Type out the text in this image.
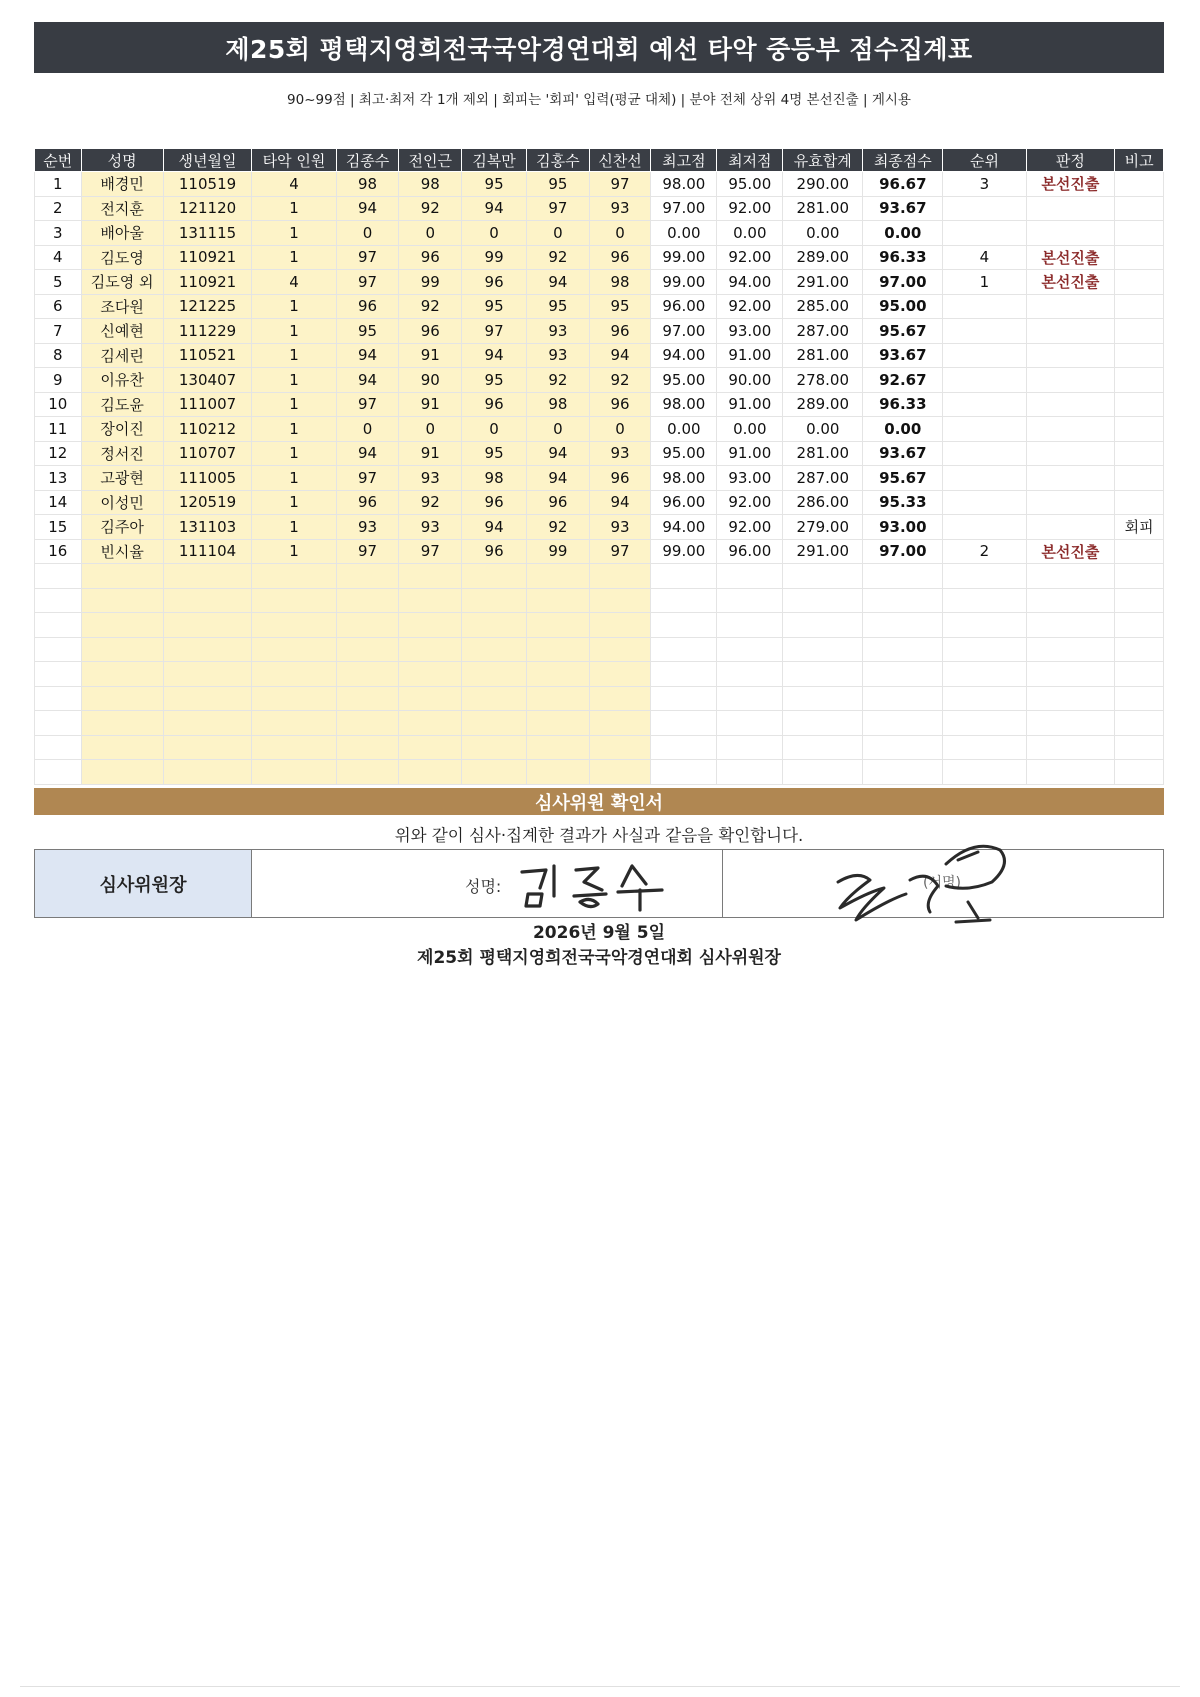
제25회 평택지영희전국국악경연대회 예선 타악 중등부 점수집계표
90~99점 | 최고·최저 각 1개 제외 | 회피는 '회피' 입력(평균 대체) | 분야 전체 상위 4명 본선진출 | 게시용
순번	성명	생년월일	타악 인원	김종수	전인근	김복만	김홍수	신찬선	최고점	최저점	유효합계	최종점수	순위	판정	비고
1	배경민	110519	4	98	98	95	95	97	98.00	95.00	290.00	96.67	3	본선진출	
2	전지훈	121120	1	94	92	94	97	93	97.00	92.00	281.00	93.67			
3	배아울	131115	1	0	0	0	0	0	0.00	0.00	0.00	0.00			
4	김도영	110921	1	97	96	99	92	96	99.00	92.00	289.00	96.33	4	본선진출	
5	김도영 외	110921	4	97	99	96	94	98	99.00	94.00	291.00	97.00	1	본선진출	
6	조다원	121225	1	96	92	95	95	95	96.00	92.00	285.00	95.00			
7	신예현	111229	1	95	96	97	93	96	97.00	93.00	287.00	95.67			
8	김세린	110521	1	94	91	94	93	94	94.00	91.00	281.00	93.67			
9	이유찬	130407	1	94	90	95	92	92	95.00	90.00	278.00	92.67			
10	김도윤	111007	1	97	91	96	98	96	98.00	91.00	289.00	96.33			
11	장이진	110212	1	0	0	0	0	0	0.00	0.00	0.00	0.00			
12	정서진	110707	1	94	91	95	94	93	95.00	91.00	281.00	93.67			
13	고광현	111005	1	97	93	98	94	96	98.00	93.00	287.00	95.67			
14	이성민	120519	1	96	92	96	96	94	96.00	92.00	286.00	95.33			
15	김주아	131103	1	93	93	94	92	93	94.00	92.00	279.00	93.00			회피
16	빈시율	111104	1	97	97	96	99	97	99.00	96.00	291.00	97.00	2	본선진출	

심사위원 확인서
위와 같이 심사·집계한 결과가 사실과 같음을 확인합니다.
심사위원장	성명:	(서명)
2026년 9월 5일
제25회 평택지영희전국국악경연대회 심사위원장
